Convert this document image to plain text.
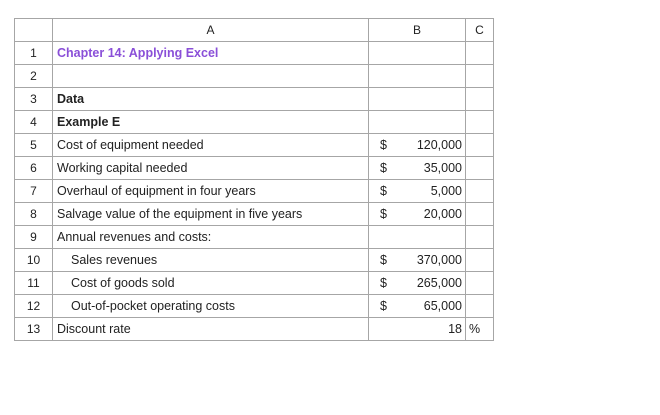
	A	B	C
1	Chapter 14: Applying Excel	

2		

3	Data	

4	Example E	

5	Cost of equipment needed	$ 120,000	

6	Working capital needed	$ 35,000	

7	Overhaul of equipment in four years	$ 5,000	

8	Salvage value of the equipment in five years	$ 20,000	

9	Annual revenues and costs:	

10	Sales revenues	$ 370,000	

11	Cost of goods sold	$ 265,000	

12	Out-of-pocket operating costs	$ 65,000	

13	Discount rate	18	%
